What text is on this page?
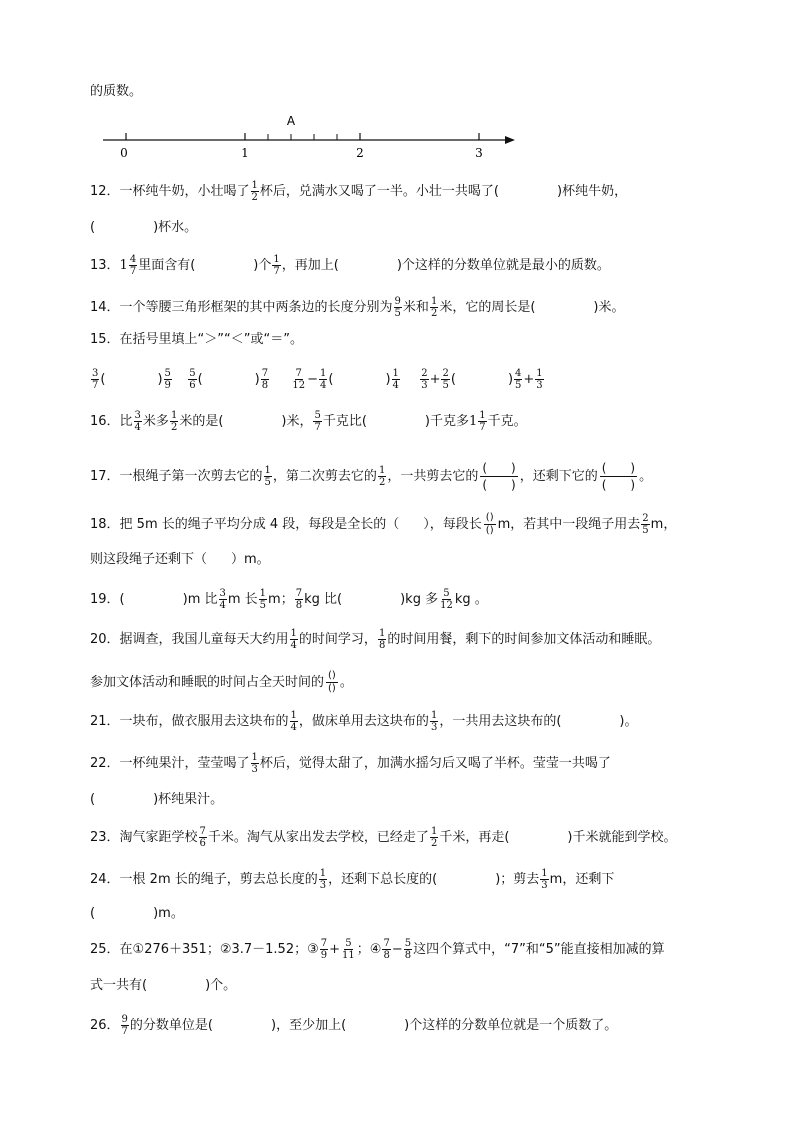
的质数。
A
0	1	2	3
12．一杯纯牛奶，小壮喝了 $\frac{1}{2}$ 杯后，兑满水又喝了一半。小壮一共喝了(	)杯纯牛奶，
(	)杯水。
13．$1 \frac{4}{7}$ 里面含有(	)个 $\frac{1}{7}$ ，再加上(	)个这样的分数单位就是最小的质数。
14．一个等腰三角形框架的其中两条边的长度分别为 $\frac{9}{5}$ 米和 $\frac{1}{2}$ 米，它的周长是(	)米。
15．在括号里填上“＞”“＜”或“＝”。
$\frac{3}{7}$ (	) $\frac{5}{9}$
$\frac{5}{6}$ (	) $\frac{7}{8}$
$\frac{7}{12} - \frac{1}{4}$ (	) $\frac{1}{4}$
$\frac{2}{3} + \frac{2}{5}$ (	) $\frac{4}{5} + \frac{1}{3}$
16．比 $\frac{3}{4}$ 米多 $\frac{1}{2}$ 米的是(	)米， $\frac{5}{7}$ 千克比(	)千克多$1 \frac{1}{7}$ 千克。
17．一根绳子第一次剪去它的 $\frac{1}{5}$ ，第二次剪去它的 $\frac{1}{2}$ ，一共剪去它的
( )
( )
，还剩下它的
( )
( )
。
18．把 5m 长的绳子平均分成 4 段，每段是全长的（ ），每段长 ()
() m，若其中一段绳子用去 $\frac{2}{5}$ m，
则这段绳子还剩下（ ）m。
19．(	)m 比 $\frac{3}{4}$ m 长 $\frac{1}{5}$ m； $\frac{7}{8}$ kg 比(	)kg 多 $\frac{5}{12}$ kg 。
20．据调查，我国儿童每天大约用 $\frac{1}{4}$ 的时间学习， $\frac{1}{8}$ 的时间用餐，剩下的时间参加文体活动和睡眠。
参加文体活动和睡眠的时间占全天时间的 ()
() 。
21．一块布，做衣服用去这块布的 $\frac{1}{4}$ ，做床单用去这块布的 $\frac{1}{3}$ ，一共用去这块布的(	)。
22．一杯纯果汁，莹莹喝了 $\frac{1}{3}$ 杯后，觉得太甜了，加满水摇匀后又喝了半杯。莹莹一共喝了
(	)杯纯果汁。
23．淘气家距学校 $\frac{7}{6}$ 千米。淘气从家出发去学校，已经走了 $\frac{1}{2}$ 千米，再走(	)千米就能到学校。
24．一根 2m 长的绳子，剪去总长度的 $\frac{1}{3}$ ，还剩下总长度的(	)；剪去 $\frac{1}{3}$ m，还剩下
(	)m。
25．在①276＋351；②3.7－1.52；③ $\frac{7}{9} + \frac{5}{11}$ ；④ $\frac{7}{8} - \frac{5}{8}$ 这四个算式中，“7”和“5”能直接相加减的算
式一共有(	)个。
26． $\frac{9}{7}$ 的分数单位是(	)，至少加上(	)个这样的分数单位就是一个质数了。
